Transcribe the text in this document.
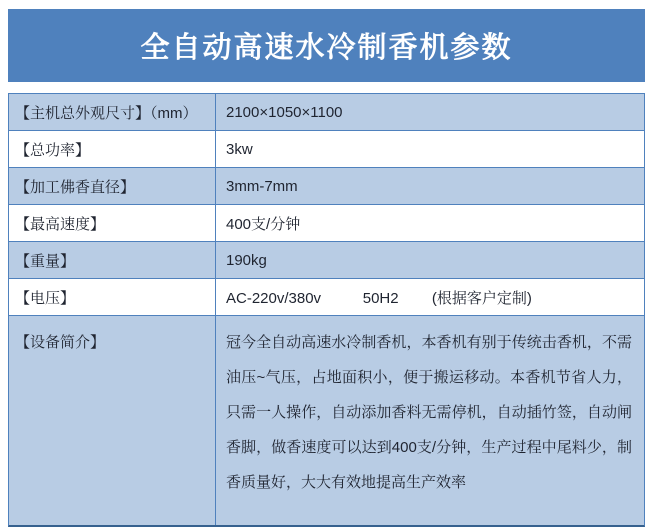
全自动高速水冷制香机参数
【主机总外观尺寸】（mm）	2100×1050×1100
【总功率】	3kw
【加工佛香直径】	3mm-7mm
【最高速度】	400支/分钟
【重量】	190kg
【电压】	AC-220v/380v          50H2        (根据客户定制)
【设备简介】	冠今全自动高速水冷制香机，本香机有别于传统击香机，不需油压~气压，占地面积小，便于搬运移动。本香机节省人力，只需一人操作，自动添加香料无需停机，自动插竹签，自动闸香脚，做香速度可以达到400支/分钟，生产过程中尾料少，制香质量好，大大有效地提高生产效率
